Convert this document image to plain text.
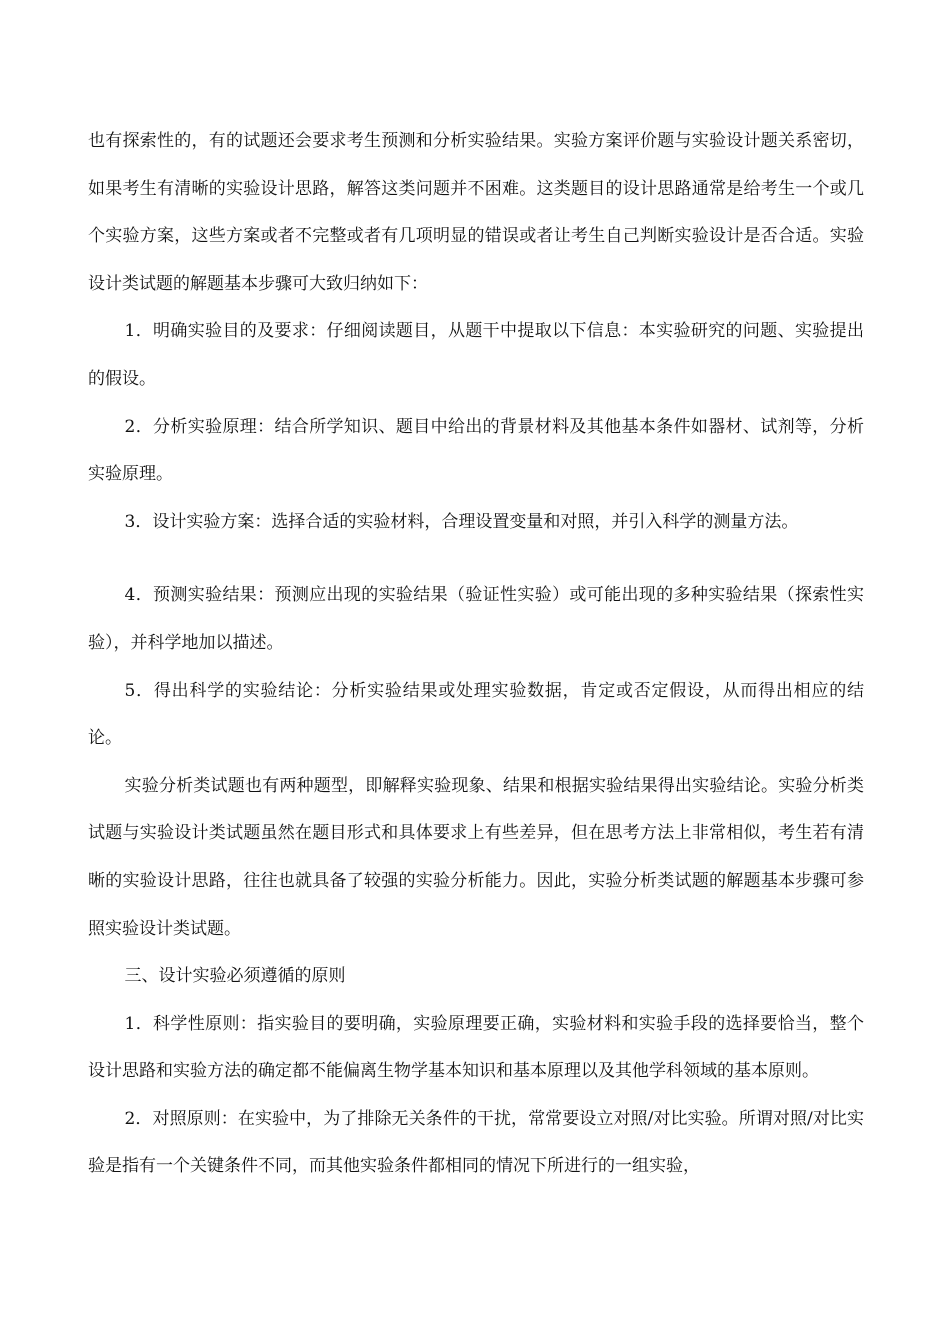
也有探索性的，有的试题还会要求考生预测和分析实验结果。实验方案评价题与实验设计题关系密切，如果考生有清晰的实验设计思路，解答这类问题并不困难。这类题目的设计思路通常是给考生一个或几个实验方案，这些方案或者不完整或者有几项明显的错误或者让考生自己判断实验设计是否合适。实验设计类试题的解题基本步骤可大致归纳如下：

1．明确实验目的及要求：仔细阅读题目，从题干中提取以下信息：本实验研究的问题、实验提出的假设。

2．分析实验原理：结合所学知识、题目中给出的背景材料及其他基本条件如器材、试剂等，分析实验原理。

3．设计实验方案：选择合适的实验材料，合理设置变量和对照，并引入科学的测量方法。

4．预测实验结果：预测应出现的实验结果（验证性实验）或可能出现的多种实验结果（探索性实验），并科学地加以描述。

5．得出科学的实验结论：分析实验结果或处理实验数据，肯定或否定假设，从而得出相应的结论。

实验分析类试题也有两种题型，即解释实验现象、结果和根据实验结果得出实验结论。实验分析类试题与实验设计类试题虽然在题目形式和具体要求上有些差异，但在思考方法上非常相似，考生若有清晰的实验设计思路，往往也就具备了较强的实验分析能力。因此，实验分析类试题的解题基本步骤可参照实验设计类试题。

三、设计实验必须遵循的原则

1．科学性原则：指实验目的要明确，实验原理要正确，实验材料和实验手段的选择要恰当，整个设计思路和实验方法的确定都不能偏离生物学基本知识和基本原理以及其他学科领域的基本原则。

2．对照原则：在实验中，为了排除无关条件的干扰，常常要设立对照/对比实验。所谓对照/对比实验是指有一个关键条件不同，而其他实验条件都相同的情况下所进行的一组实验，
